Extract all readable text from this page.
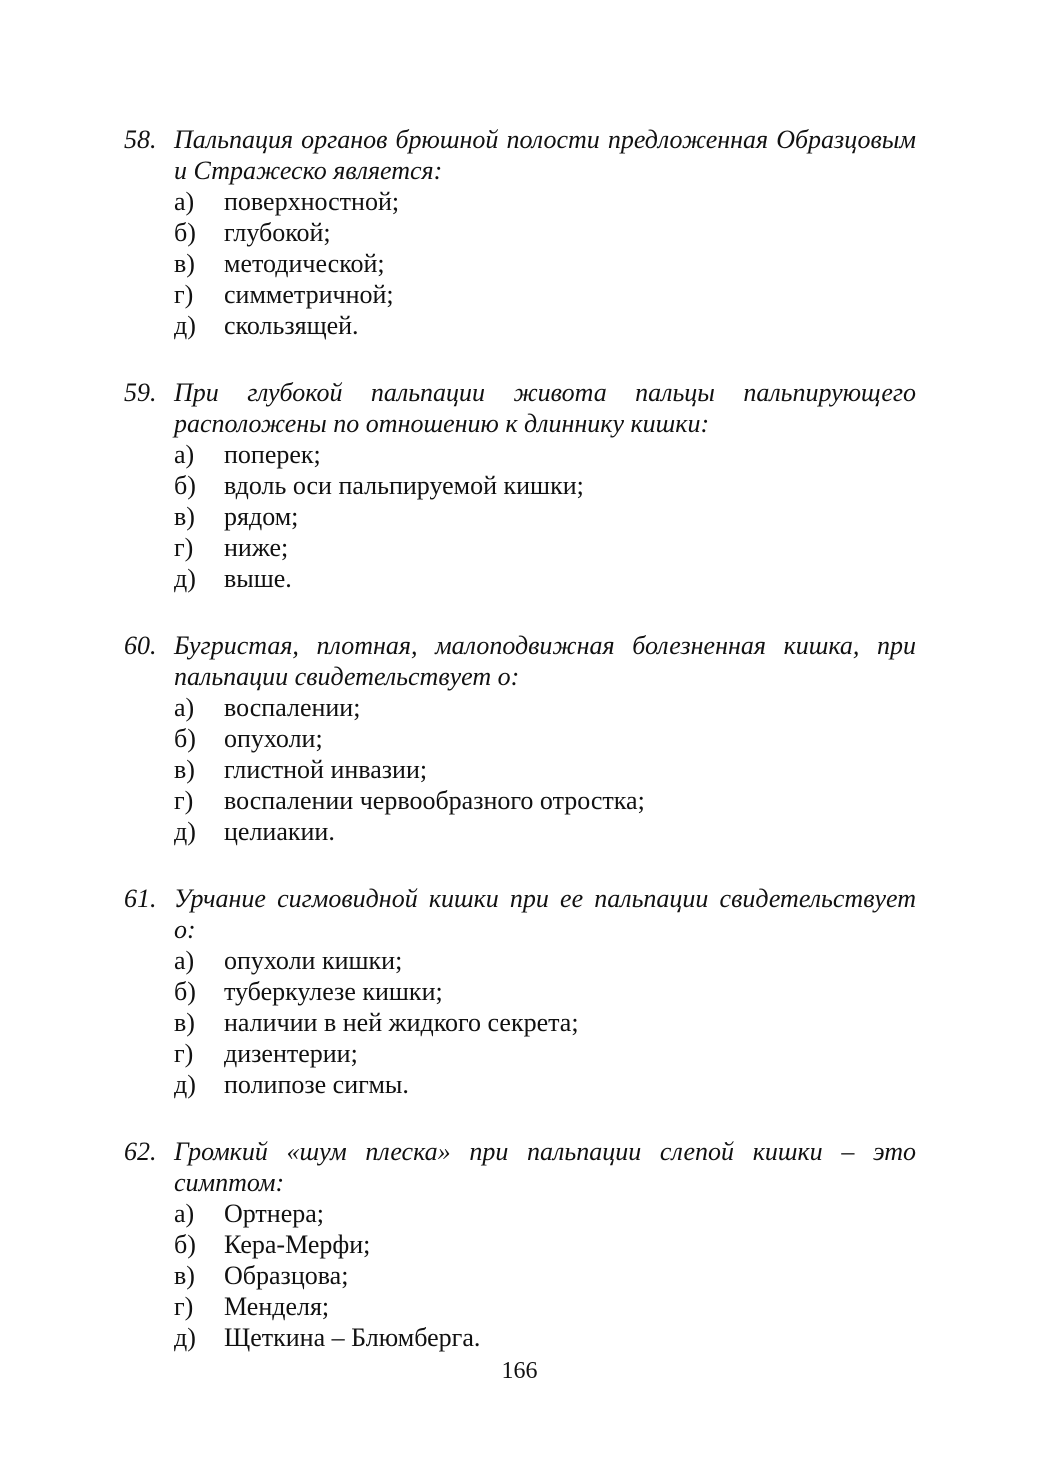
58. Пальпация органов брюшной полости предложенная Образцовым и Стражеско является:
а)	поверхностной;
б)	глубокой;
в)	методической;
г)	симметричной;
д)	скользящей.
59. При глубокой пальпации живота пальцы пальпирующего расположены по отношению к длиннику кишки:
а)	поперек;
б)	вдоль оси пальпируемой кишки;
в)	рядом;
г)	ниже;
д)	выше.
60. Бугристая, плотная, малоподвижная болезненная кишка, при пальпации свидетельствует о:
а)	воспалении;
б)	опухоли;
в)	глистной инвазии;
г)	воспалении червообразного отростка;
д)	целиакии.
61. Урчание сигмовидной кишки при ее пальпации свидетельствует о:
а)	опухоли кишки;
б)	туберкулезе кишки;
в)	наличии в ней жидкого секрета;
г)	дизентерии;
д)	полипозе сигмы.
62. Громкий «шум плеска» при пальпации слепой кишки – это симптом:
а)	Ортнера;
б)	Кера-Мерфи;
в)	Образцова;
г)	Менделя;
д)	Щеткина – Блюмберга.
166
